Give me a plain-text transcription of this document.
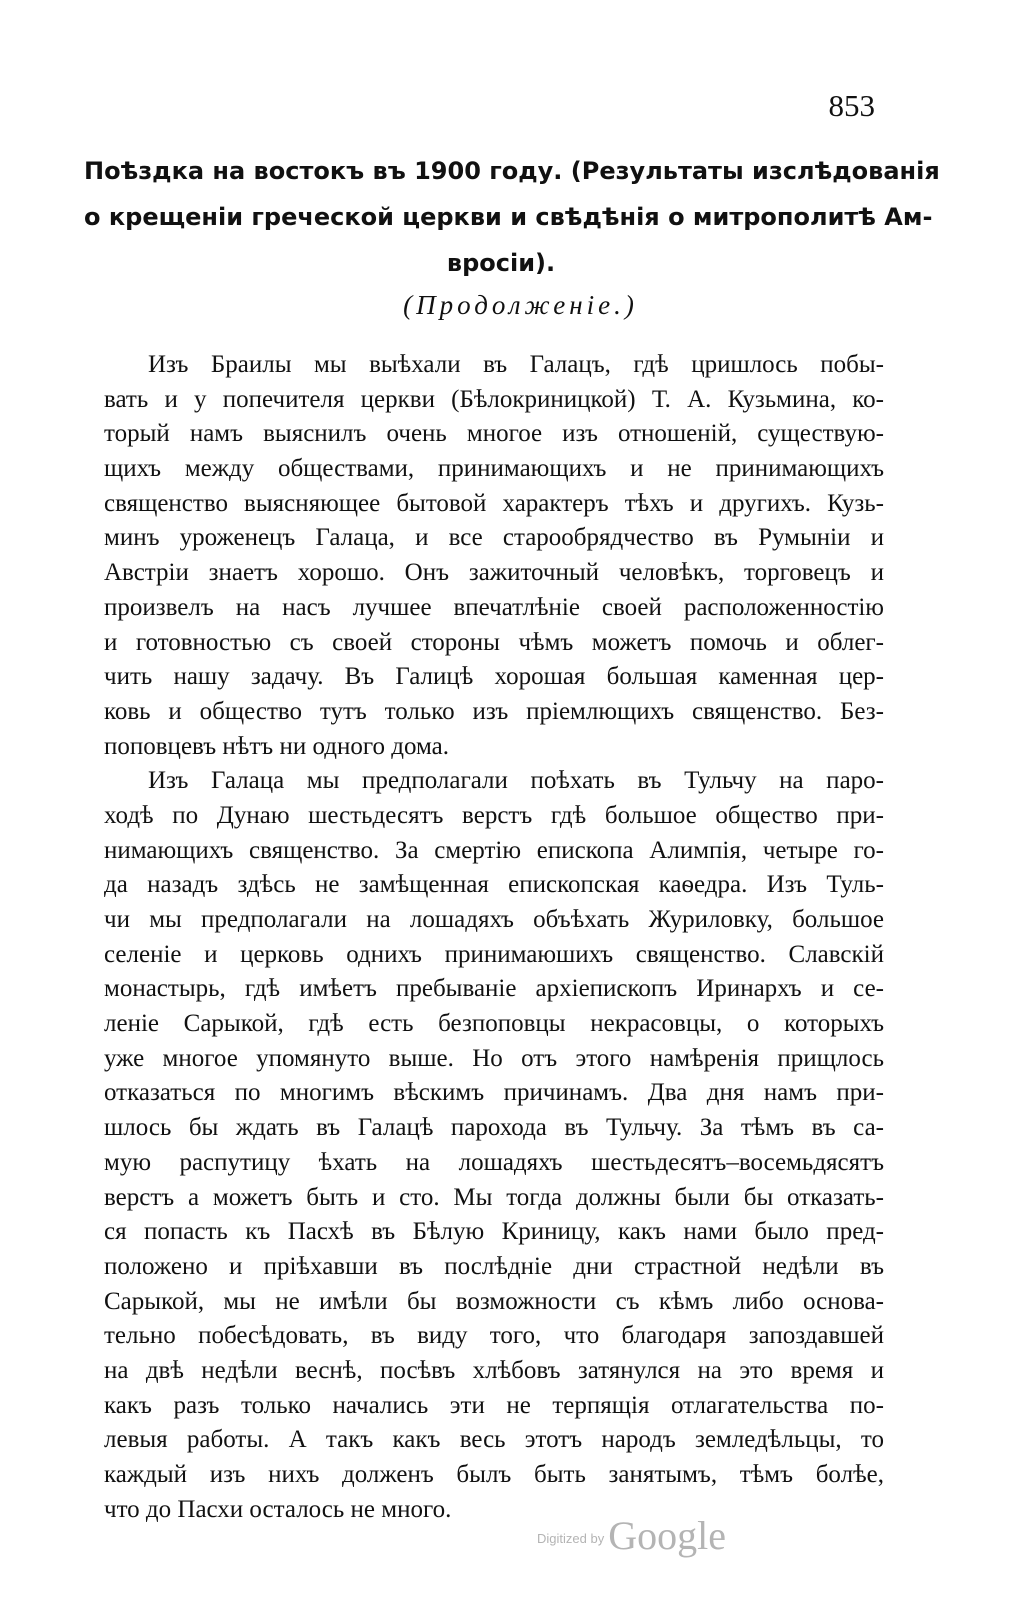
853
Поѣздка на востокъ въ 1900 году. (Результаты изслѣдованія
о крещеніи греческой церкви и свѣдѣнія о митрополитѣ Ам-
вросіи).
(Продолженіе.)
Изъ Браилы мы выѣхали въ Галацъ, гдѣ цришлось побы-
вать и у попечителя церкви (Бѣлокриницкой) Т. А. Кузьмина, ко-
торый намъ выяснилъ очень многое изъ отношеній, существую-
щихъ между обществами, принимающихъ и не принимающихъ
священство выясняющее бытовой характеръ тѣхъ и другихъ. Кузь-
минъ уроженецъ Галаца, и все старообрядчество въ Румыніи и
Австріи знаетъ хорошо. Онъ зажиточный человѣкъ, торговецъ и
произвелъ на насъ лучшее впечатлѣніе своей расположенностію
и готовностью съ своей стороны чѣмъ можетъ помочь и облег-
чить нашу задачу. Въ Галицѣ хорошая большая каменная цер-
ковь и общество тутъ только изъ пріемлющихъ священство. Без-
поповцевъ нѣтъ ни одного дома.
Изъ Галаца мы предполагали поѣхать въ Тульчу на паро-
ходѣ по Дунаю шестьдесятъ верстъ гдѣ большое общество при-
нимающихъ священство. За смертію епископа Алимпія, четыре го-
да назадъ здѣсь не замѣщенная епископская каѳедра. Изъ Туль-
чи мы предполагали на лошадяхъ объѣхать Журиловку, большое
селеніе и церковь однихъ принимаюшихъ священство. Славскій
монастырь, гдѣ имѣетъ пребываніе архіепископъ Иринархъ и се-
леніе Сарыкой, гдѣ есть безпоповцы некрасовцы, о которыхъ
уже многое упомянуто выше. Но отъ этого намѣренія прищлось
отказаться по многимъ вѣскимъ причинамъ. Два дня намъ при-
шлось бы ждать въ Галацѣ парохода въ Тульчу. За тѣмъ въ са-
мую распутицу ѣхать на лошадяхъ шестьдесятъ–восемьдясятъ
верстъ а можетъ быть и сто. Мы тогда должны были бы отказать-
ся попасть къ Пасхѣ въ Бѣлую Криницу, какъ нами было пред-
положено и пріѣхавши въ послѣдніе дни страстной недѣли въ
Сарыкой, мы не имѣли бы возможности съ кѣмъ либо основа-
тельно побесѣдовать, въ виду того, что благодаря запоздавшей
на двѣ недѣли веснѣ, посѣвъ хлѣбовъ затянулся на это время и
какъ разъ только начались эти не терпящія отлагательства по-
левыя работы. А такъ какъ весь этотъ народъ земледѣльцы, то
каждый изъ нихъ долженъ былъ быть занятымъ, тѣмъ болѣе,
что до Пасхи осталось не много.
$^{Digitized by}$ Google
